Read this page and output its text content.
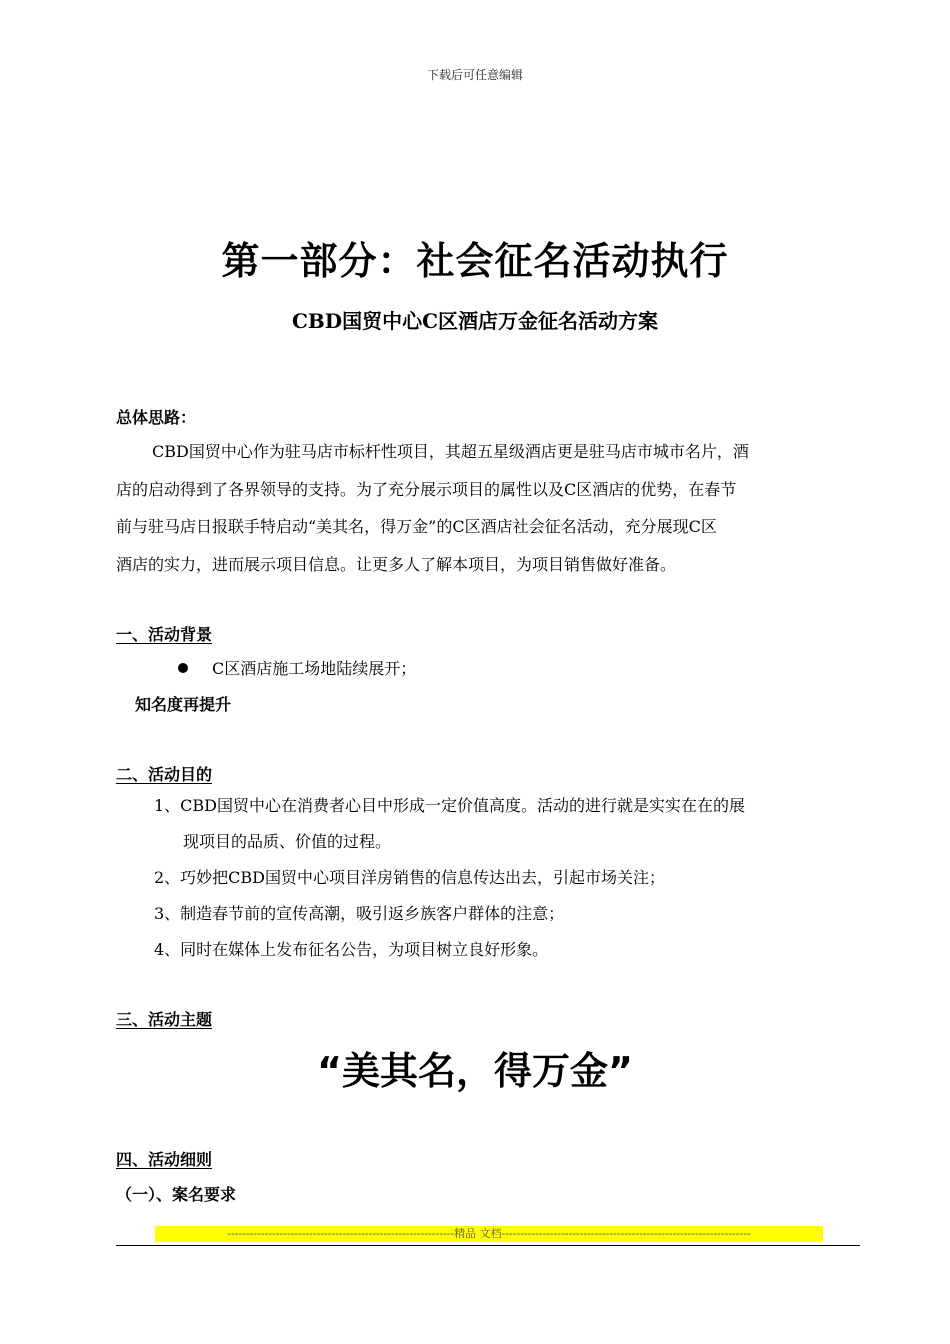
下载后可任意编辑
第一部分：社会征名活动执行
CBD国贸中心C区酒店万金征名活动方案
总体思路：
CBD国贸中心作为驻马店市标杆性项目，其超五星级酒店更是驻马店市城市名片，酒
店的启动得到了各界领导的支持。为了充分展示项目的属性以及C区酒店的优势，在春节
前与驻马店日报联手特启动“美其名，得万金”的C区酒店社会征名活动，充分展现C区
酒店的实力，进而展示项目信息。让更多人了解本项目，为项目销售做好准备。
一、活动背景
C区酒店施工场地陆续展开；
知名度再提升
二、活动目的
1、CBD国贸中心在消费者心目中形成一定价值高度。活动的进行就是实实在在的展
现项目的品质、价值的过程。
2、巧妙把CBD国贸中心项目洋房销售的信息传达出去，引起市场关注；
3、制造春节前的宣传高潮，吸引返乡族客户群体的注意；
4、同时在媒体上发布征名公告，为项目树立良好形象。
三、活动主题
“美其名，得万金”
四、活动细则
（一）、案名要求
-------------------------------------------------------------精品 文档-------------------------------------------------------------------
